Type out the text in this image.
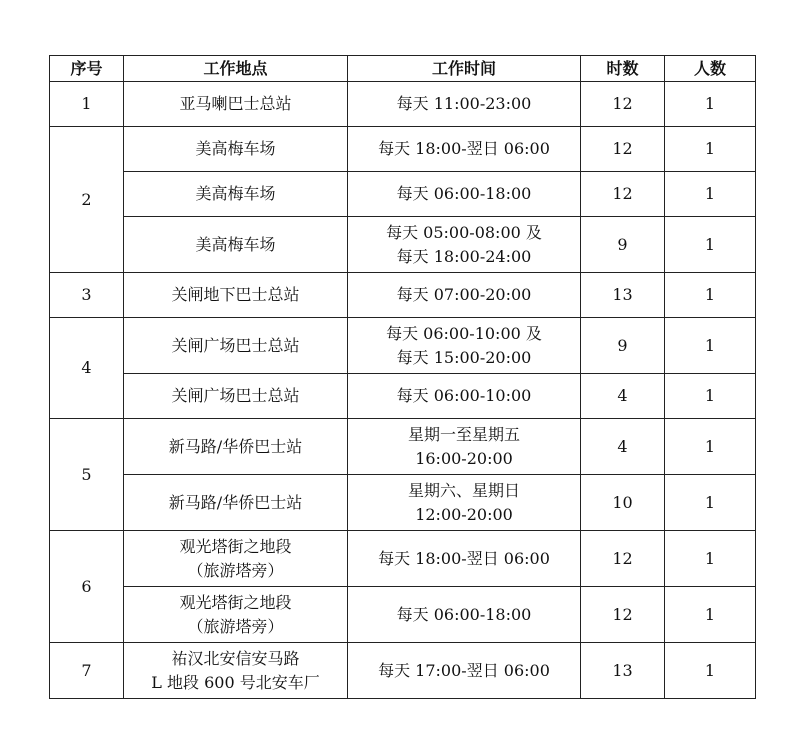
序号	工作地点	工作时间	时数	人数
1	亚马喇巴士总站	每天 11:00-23:00	12	1
2	美高梅车场	每天 18:00-翌日 06:00	12	1

	美高梅车场	每天 06:00-18:00	12	1

	美高梅车场	每天 05:00-08:00 及
每天 18:00-24:00	9	1
3	关闸地下巴士总站	每天 07:00-20:00	13	1
4	关闸广场巴士总站	每天 06:00-10:00 及
每天 15:00-20:00	9	1

	关闸广场巴士总站	每天 06:00-10:00	4	1
5	新马路/华侨巴士站	星期一至星期五
16:00-20:00	4	1

	新马路/华侨巴士站	星期六、星期日
12:00-20:00	10	1
6	观光塔街之地段
（旅游塔旁）	每天 18:00-翌日 06:00	12	1

	观光塔街之地段
（旅游塔旁）	每天 06:00-18:00	12	1
7	祐汉北安信安马路
L 地段 600 号北安车厂	每天 17:00-翌日 06:00	13	1
